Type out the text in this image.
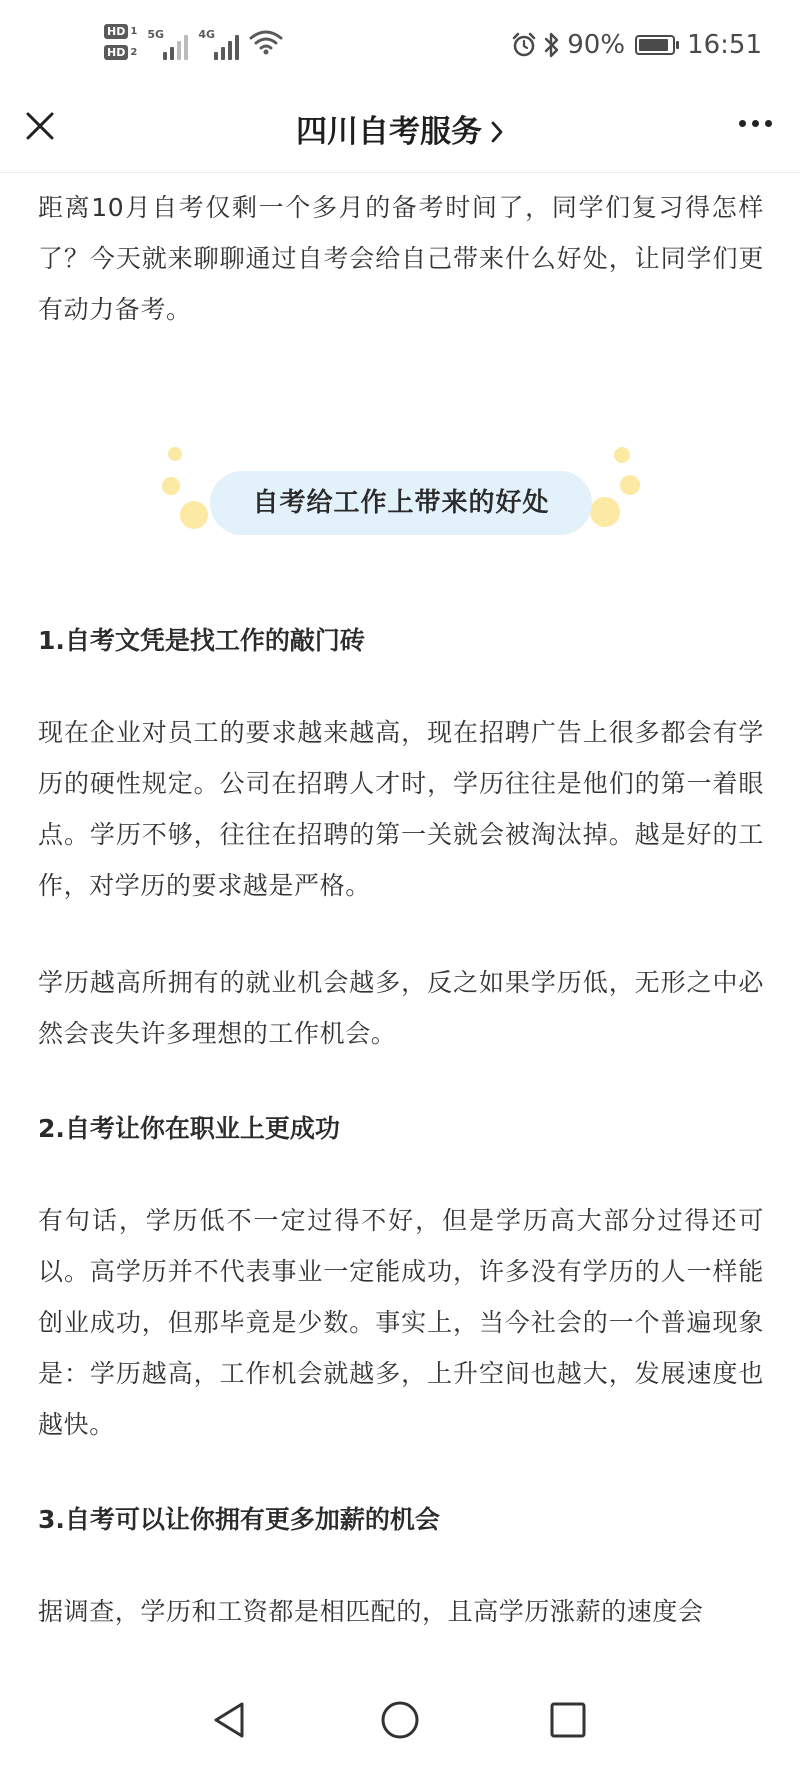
HD 1
HD 2
5G	4G	90% 16:51
四川自考服务

距离10月自考仅剩一个多月的备考时间了，同学们复习得怎样了？今天就来聊聊通过自考会给自己带来什么好处，让同学们更有动力备考。

自考给工作上带来的好处
1.自考文凭是找工作的敲门砖

现在企业对员工的要求越来越高，现在招聘广告上很多都会有学历的硬性规定。公司在招聘人才时，学历往往是他们的第一着眼点。学历不够，往往在招聘的第一关就会被淘汰掉。越是好的工作，对学历的要求越是严格。

学历越高所拥有的就业机会越多，反之如果学历低，无形之中必然会丧失许多理想的工作机会。

2.自考让你在职业上更成功

有句话，学历低不一定过得不好，但是学历高大部分过得还可以。高学历并不代表事业一定能成功，许多没有学历的人一样能创业成功，但那毕竟是少数。事实上，当今社会的一个普遍现象是：学历越高，工作机会就越多，上升空间也越大，发展速度也越快。

3.自考可以让你拥有更多加薪的机会

据调查，学历和工资都是相匹配的，且高学历涨薪的速度会
